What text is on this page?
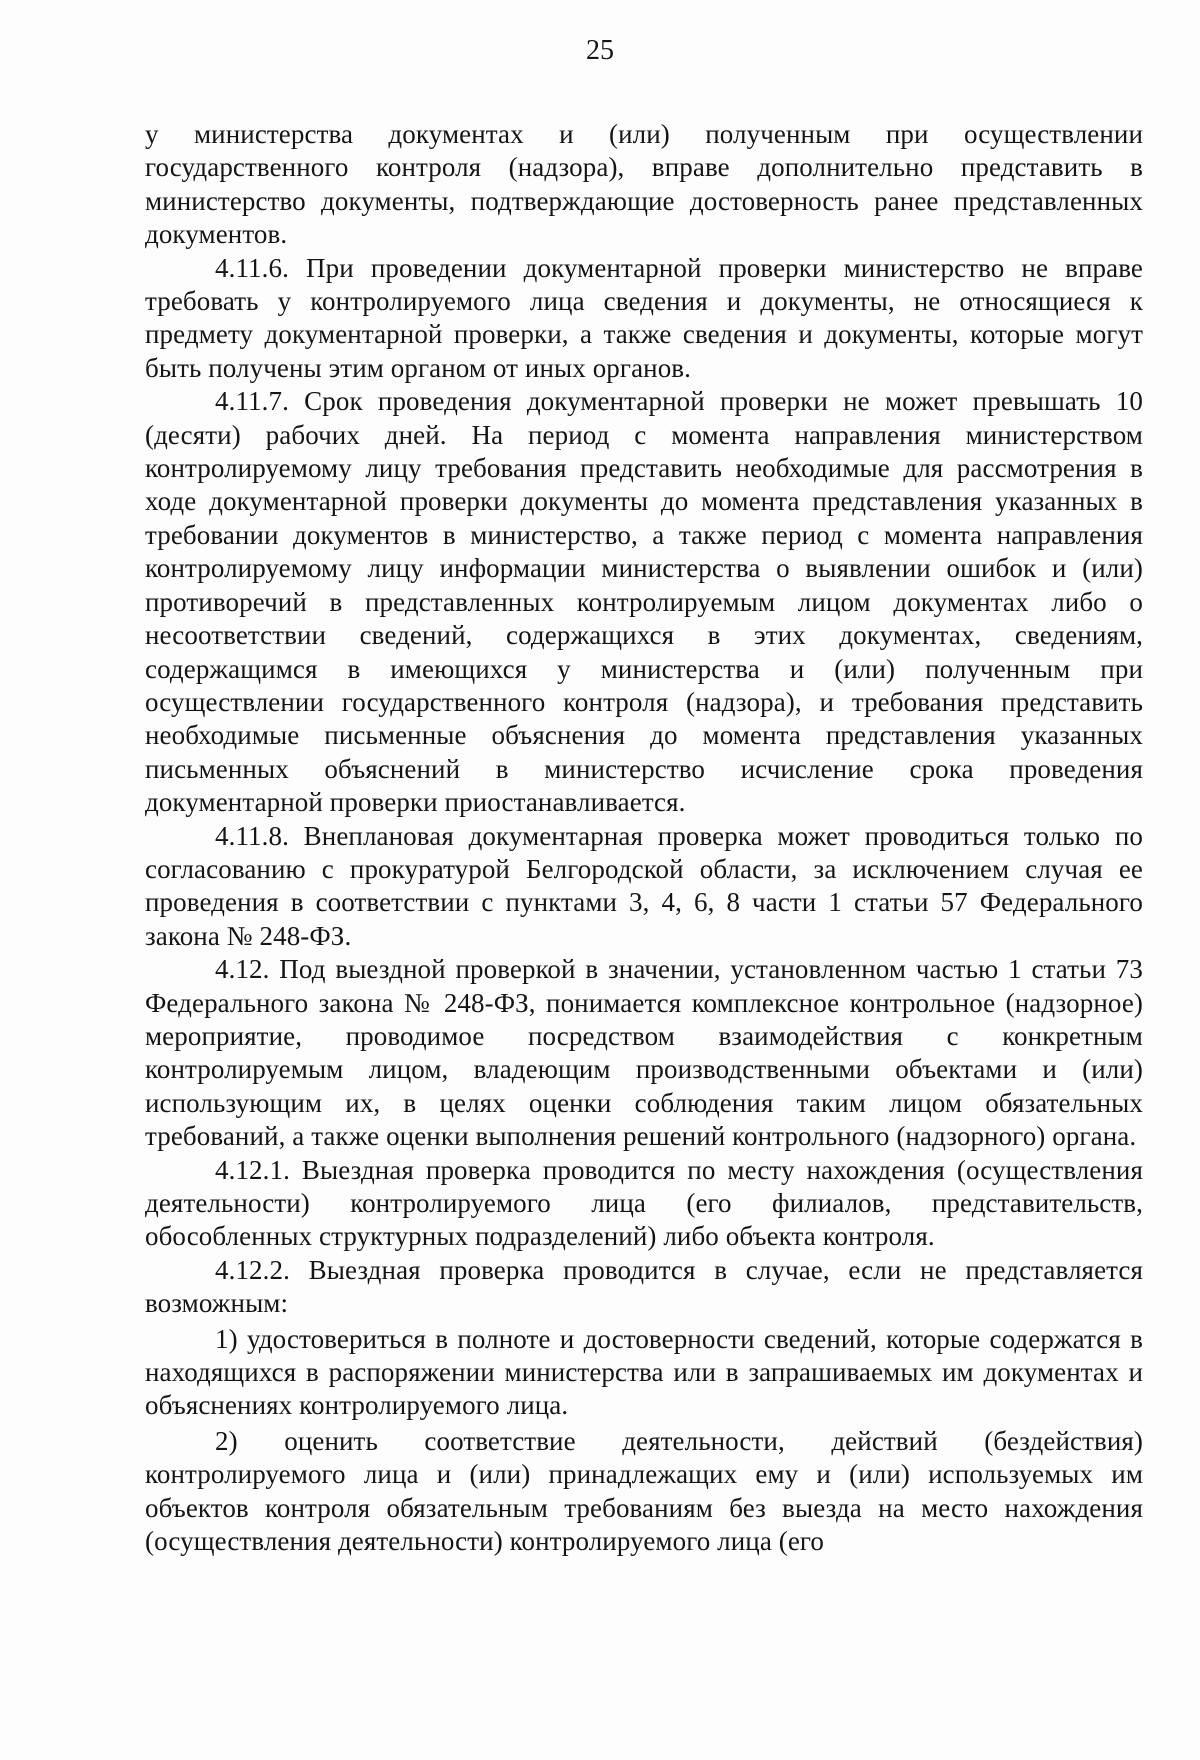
25

у министерства документах и (или) полученным при осуществлении государственного контроля (надзора), вправе дополнительно представить в министерство документы, подтверждающие достоверность ранее представленных документов.

4.11.6. При проведении документарной проверки министерство не вправе требовать у контролируемого лица сведения и документы, не относящиеся к предмету документарной проверки, а также сведения и документы, которые могут быть получены этим органом от иных органов.

4.11.7. Срок проведения документарной проверки не может превышать 10 (десяти) рабочих дней. На период с момента направления министерством контролируемому лицу требования представить необходимые для рассмотрения в ходе документарной проверки документы до момента представления указанных в требовании документов в министерство, а также период с момента направления контролируемому лицу информации министерства о выявлении ошибок и (или) противоречий в представленных контролируемым лицом документах либо о несоответствии сведений, содержащихся в этих документах, сведениям, содержащимся в имеющихся у министерства и (или) полученным при осуществлении государственного контроля (надзора), и требования представить необходимые письменные объяснения до момента представления указанных письменных объяснений в министерство исчисление срока проведения документарной проверки приостанавливается.

4.11.8. Внеплановая документарная проверка может проводиться только по согласованию с прокуратурой Белгородской области, за исключением случая ее проведения в соответствии с пунктами 3, 4, 6, 8 части 1 статьи 57 Федерального закона № 248-ФЗ.

4.12. Под выездной проверкой в значении, установленном частью 1 статьи 73 Федерального закона № 248-ФЗ, понимается комплексное контрольное (надзорное) мероприятие, проводимое посредством взаимодействия с конкретным контролируемым лицом, владеющим производственными объектами и (или) использующим их, в целях оценки соблюдения таким лицом обязательных требований, а также оценки выполнения решений контрольного (надзорного) органа.

4.12.1. Выездная проверка проводится по месту нахождения (осуществления деятельности) контролируемого лица (его филиалов, представительств, обособленных структурных подразделений) либо объекта контроля.

4.12.2. Выездная проверка проводится в случае, если не представляется возможным:

1) удостовериться в полноте и достоверности сведений, которые содержатся в находящихся в распоряжении министерства или в запрашиваемых им документах и объяснениях контролируемого лица.

2) оценить соответствие деятельности, действий (бездействия) контролируемого лица и (или) принадлежащих ему и (или) используемых им объектов контроля обязательным требованиям без выезда на место нахождения (осуществления деятельности) контролируемого лица (его
